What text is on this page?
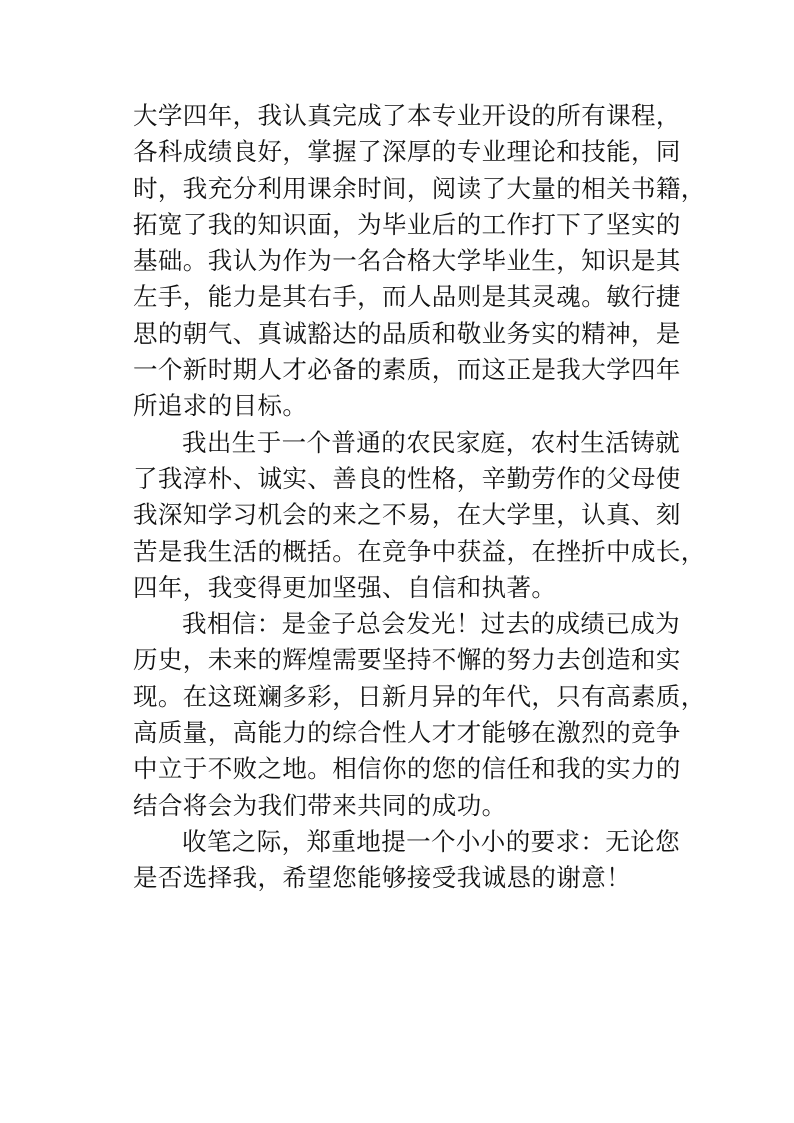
大学四年，我认真完成了本专业开设的所有课程，
各科成绩良好，掌握了深厚的专业理论和技能，同
时，我充分利用课余时间，阅读了大量的相关书籍，
拓宽了我的知识面，为毕业后的工作打下了坚实的
基础。我认为作为一名合格大学毕业生，知识是其
左手，能力是其右手，而人品则是其灵魂。敏行捷
思的朝气、真诚豁达的品质和敬业务实的精神，是
一个新时期人才必备的素质，而这正是我大学四年
所追求的目标。

我出生于一个普通的农民家庭，农村生活铸就
了我淳朴、诚实、善良的性格，辛勤劳作的父母使
我深知学习机会的来之不易，在大学里，认真、刻
苦是我生活的概括。在竞争中获益，在挫折中成长，
四年，我变得更加坚强、自信和执著。

我相信：是金子总会发光！过去的成绩已成为
历史，未来的辉煌需要坚持不懈的努力去创造和实
现。在这斑斓多彩，日新月异的年代，只有高素质，
高质量，高能力的综合性人才才能够在激烈的竞争
中立于不败之地。相信你的您的信任和我的实力的
结合将会为我们带来共同的成功。

收笔之际，郑重地提一个小小的要求：无论您
是否选择我，希望您能够接受我诚恳的谢意！
